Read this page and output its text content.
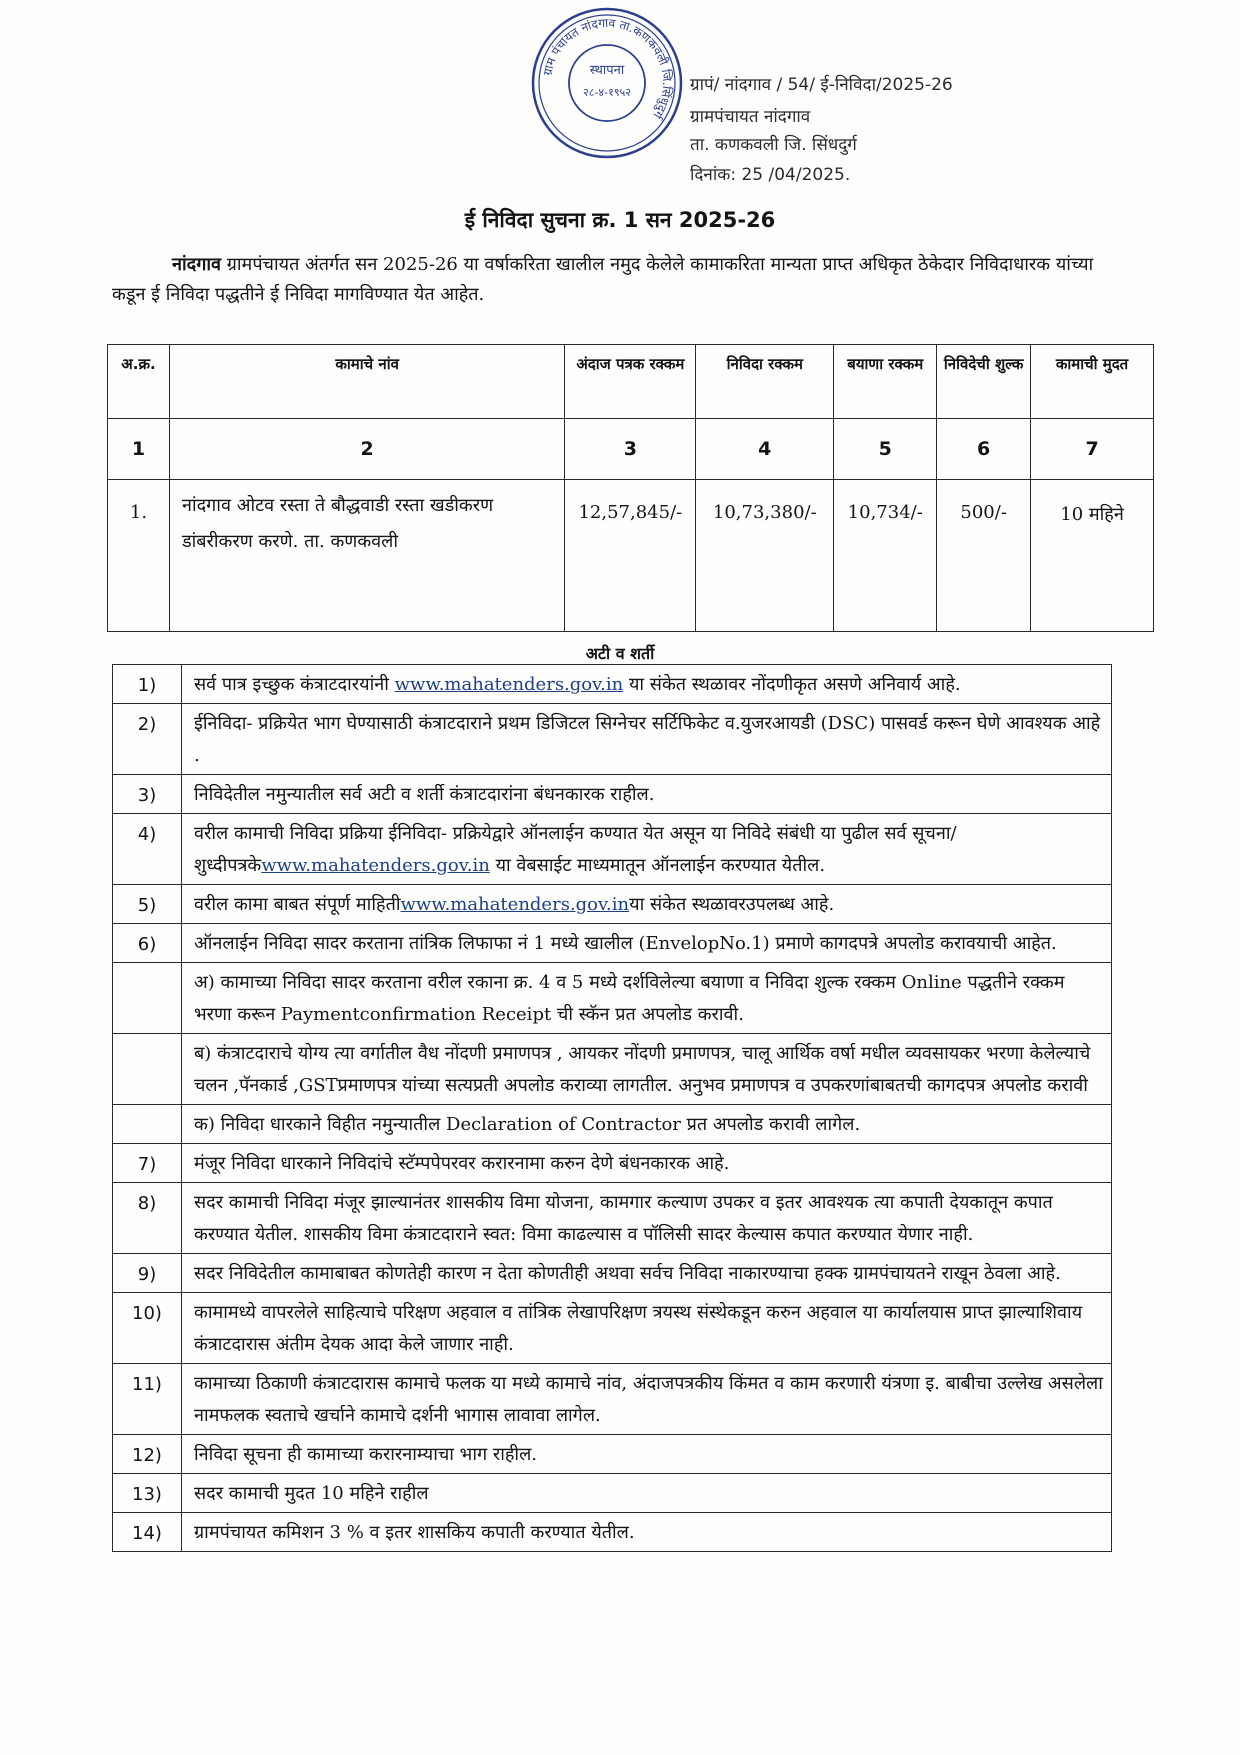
ग्राम पंचायत नांदगाव ता.कणकवली जि.सिंधुदुर्ग
स्थापना
२८-४-१९५२	ग्रापं/ नांदगाव / 54/ ई-निविदा/2025-26
ग्रामपंचायत नांदगाव
ता. कणकवली जि. सिंधदुर्ग
दिनांक: 25 /04/2025.
ई निविदा सुचना क्र. 1 सन 2025-26
नांदगाव ग्रामपंचायत अंतर्गत सन 2025-26 या वर्षाकरिता खालील नमुद केलेले कामाकरिता मान्यता प्राप्त अधिकृत ठेकेदार निविदाधारक यांच्या कडून ई निविदा पद्धतीने ई निविदा मागविण्यात येत आहेत.
अ.क्र.	कामाचे नांव	अंदाज पत्रक रक्कम	निविदा रक्कम	बयाणा रक्कम	निविदेची शुल्क	कामाची मुदत
1	2	3	4	5	6	7
1.	नांदगाव ओटव रस्ता ते बौद्धवाडी रस्ता खडीकरण डांबरीकरण करणे. ता. कणकवली	12,57,845/-	10,73,380/-	10,734/-	500/-	10 महिने
अटी व शर्ती
1)	सर्व पात्र इच्छुक कंत्राटदारयांनी www.mahatenders.gov.in या संकेत स्थळावर नोंदणीकृत असणे अनिवार्य आहे.
2)	ईनिविदा- प्रक्रियेत भाग घेण्यासाठी कंत्राटदाराने प्रथम डिजिटल सिग्नेचर सर्टिफिकेट व.युजरआयडी (DSC) पासवर्ड करून घेणे आवश्यक आहे .
3)	निविदेतील नमुन्यातील सर्व अटी व शर्ती कंत्राटदारांना बंधनकारक राहील.
4)	वरील कामाची निविदा प्रक्रिया ईनिविदा- प्रक्रियेद्वारे ऑनलाईन कण्यात येत असून या निविदे संबंधी या पुढील सर्व सूचना/शुध्दीपत्रकेwww.mahatenders.gov.in या वेबसाईट माध्यमातून ऑनलाईन करण्यात येतील.
5)	वरील कामा बाबत संपूर्ण माहितीwww.mahatenders.gov.inया संकेत स्थळावरउपलब्ध आहे.
6)	ऑनलाईन निविदा सादर करताना तांत्रिक लिफाफा नं 1 मध्ये खालील (EnvelopNo.1) प्रमाणे कागदपत्रे अपलोड करावयाची आहेत.
	अ) कामाच्या निविदा सादर करताना वरील रकाना क्र. 4 व 5 मध्ये दर्शविलेल्या बयाणा व निविदा शुल्क रक्कम Online पद्धतीने रक्कम भरणा करून Paymentconfirmation Receipt ची स्कॅन प्रत अपलोड करावी.
	ब) कंत्राटदाराचे योग्य त्या वर्गातील वैध नोंदणी प्रमाणपत्र , आयकर नोंदणी प्रमाणपत्र, चालू आर्थिक वर्षा मधील व्यवसायकर भरणा केलेल्याचे चलन ,पॅनकार्ड ,GSTप्रमाणपत्र यांच्या सत्यप्रती अपलोड कराव्या लागतील. अनुभव प्रमाणपत्र व उपकरणांबाबतची कागदपत्र अपलोड करावी
	क) निविदा धारकाने विहीत नमुन्यातील Declaration of Contractor प्रत अपलोड करावी लागेल.
7)	मंजूर निविदा धारकाने निविदांचे स्टॅम्पपेपरवर करारनामा करुन देणे बंधनकारक आहे.
8)	सदर कामाची निविदा मंजूर झाल्यानंतर शासकीय विमा योजना, कामगार कल्याण उपकर व इतर आवश्यक त्या कपाती देयकातून कपात करण्यात येतील. शासकीय विमा कंत्राटदाराने स्वत: विमा काढल्यास व पॉलिसी सादर केल्यास कपात करण्यात येणार नाही.
9)	सदर निविदेतील कामाबाबत कोणतेही कारण न देता कोणतीही अथवा सर्वच निविदा नाकारण्याचा हक्क ग्रामपंचायतने राखून ठेवला आहे.
10)	कामामध्ये वापरलेले साहित्याचे परिक्षण अहवाल व तांत्रिक लेखापरिक्षण त्रयस्थ संस्थेकडून करुन अहवाल या कार्यालयास प्राप्त झाल्याशिवाय कंत्राटदारास अंतीम देयक आदा केले जाणार नाही.
11)	कामाच्या ठिकाणी कंत्राटदारास कामाचे फलक या मध्ये कामाचे नांव, अंदाजपत्रकीय किंमत व काम करणारी यंत्रणा इ. बाबीचा उल्लेख असलेला नामफलक स्वताचे खर्चाने कामाचे दर्शनी भागास लावावा लागेल.
12)	निविदा सूचना ही कामाच्या करारनाम्याचा भाग राहील.
13)	सदर कामाची मुदत 10 महिने राहील
14)	ग्रामपंचायत कमिशन 3 % व इतर शासकिय कपाती करण्यात येतील.
